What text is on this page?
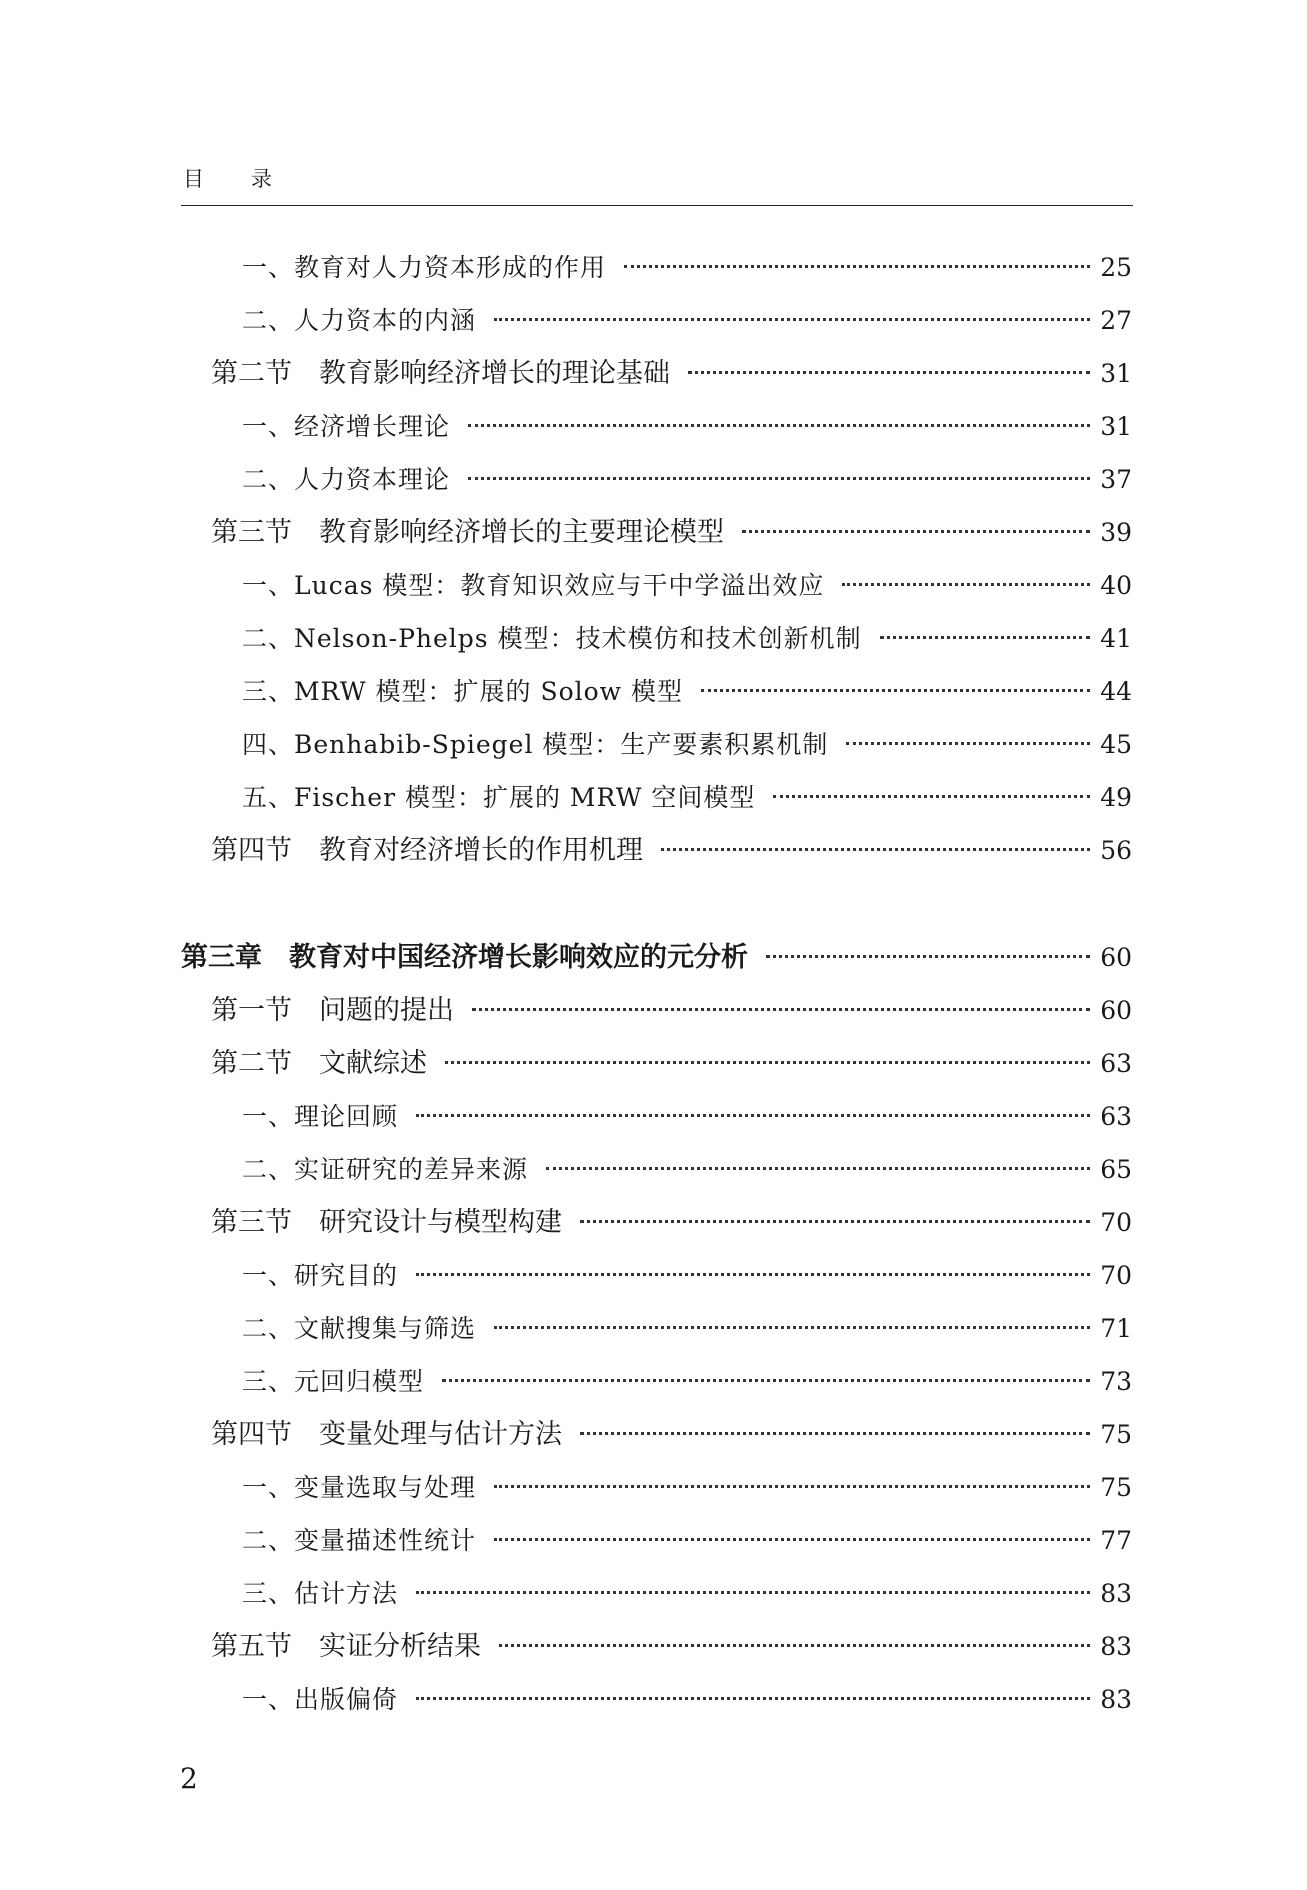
目 录
一、教育对人力资本形成的作用	25
二、人力资本的内涵	27
第二节　教育影响经济增长的理论基础	31
一、经济增长理论	31
二、人力资本理论	37
第三节　教育影响经济增长的主要理论模型	39
一、Lucas 模型：教育知识效应与干中学溢出效应	40
二、Nelson-Phelps 模型：技术模仿和技术创新机制	41
三、MRW 模型：扩展的 Solow 模型	44
四、Benhabib-Spiegel 模型：生产要素积累机制	45
五、Fischer 模型：扩展的 MRW 空间模型	49
第四节　教育对经济增长的作用机理	56
第三章　教育对中国经济增长影响效应的元分析	60
第一节　问题的提出	60
第二节　文献综述	63
一、理论回顾	63
二、实证研究的差异来源	65
第三节　研究设计与模型构建	70
一、研究目的	70
二、文献搜集与筛选	71
三、元回归模型	73
第四节　变量处理与估计方法	75
一、变量选取与处理	75
二、变量描述性统计	77
三、估计方法	83
第五节　实证分析结果	83
一、出版偏倚	83
2
